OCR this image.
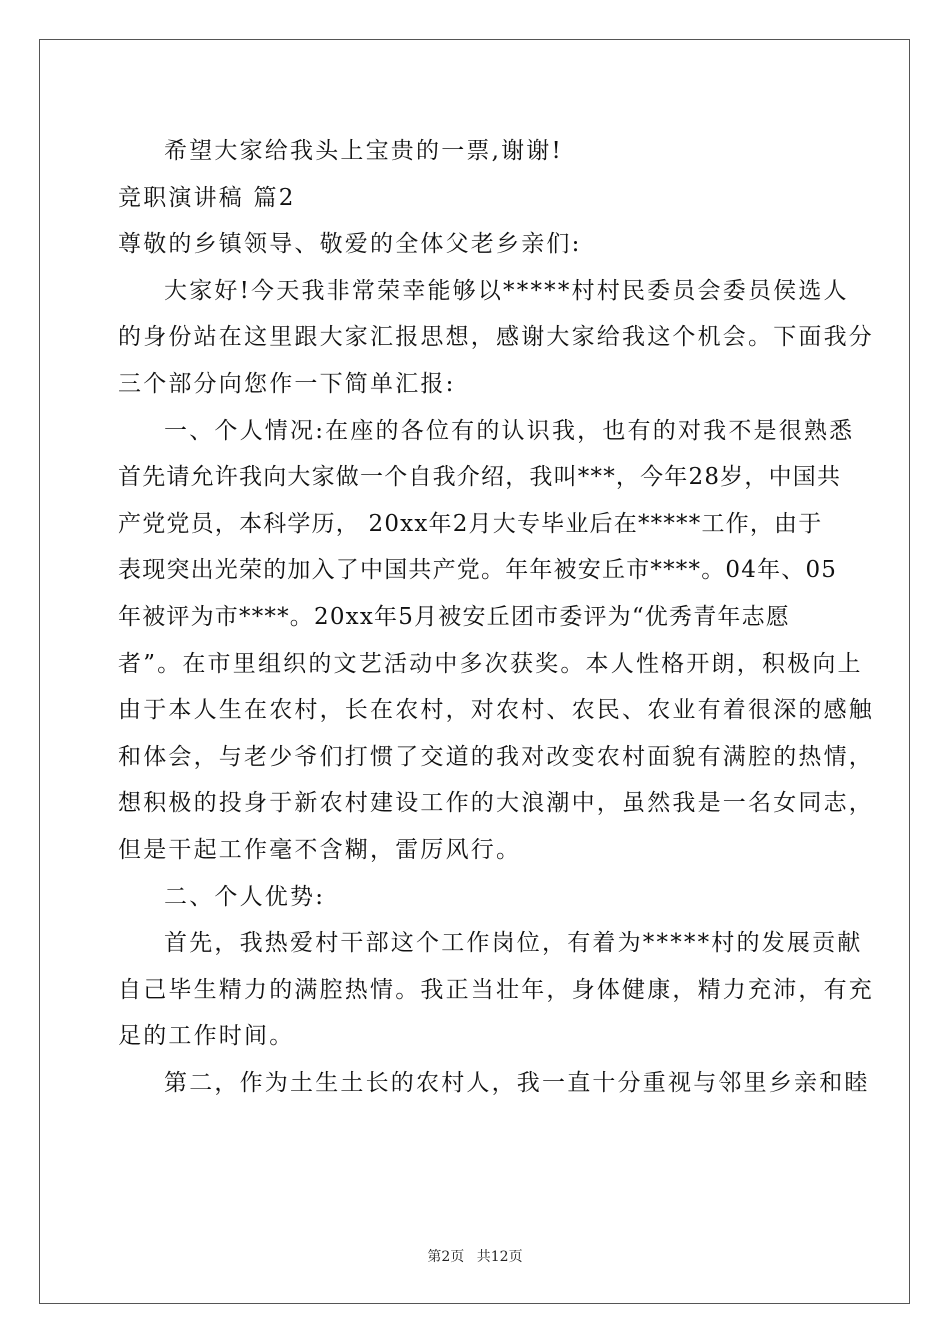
希望大家给我头上宝贵的一票,谢谢!
竞职演讲稿 篇2
尊敬的乡镇领导、敬爱的全体父老乡亲们:
大家好!今天我非常荣幸能够以*****村村民委员会委员侯选人
的身份站在这里跟大家汇报思想，感谢大家给我这个机会。下面我分
三个部分向您作一下简单汇报:
一、个人情况:在座的各位有的认识我，也有的对我不是很熟悉
首先请允许我向大家做一个自我介绍，我叫***，今年28岁，中国共
产党党员，本科学历， 20xx年2月大专毕业后在*****工作，由于
表现突出光荣的加入了中国共产党。年年被安丘市****。04年、05
年被评为市****。20xx年5月被安丘团市委评为“优秀青年志愿
者”。在市里组织的文艺活动中多次获奖。本人性格开朗，积极向上
由于本人生在农村，长在农村，对农村、农民、农业有着很深的感触
和体会，与老少爷们打惯了交道的我对改变农村面貌有满腔的热情，
想积极的投身于新农村建设工作的大浪潮中，虽然我是一名女同志，
但是干起工作毫不含糊，雷厉风行。
二、个人优势:
首先，我热爱村干部这个工作岗位，有着为*****村的发展贡献
自己毕生精力的满腔热情。我正当壮年，身体健康，精力充沛，有充
足的工作时间。
第二，作为土生土长的农村人，我一直十分重视与邻里乡亲和睦
第2页 共12页
